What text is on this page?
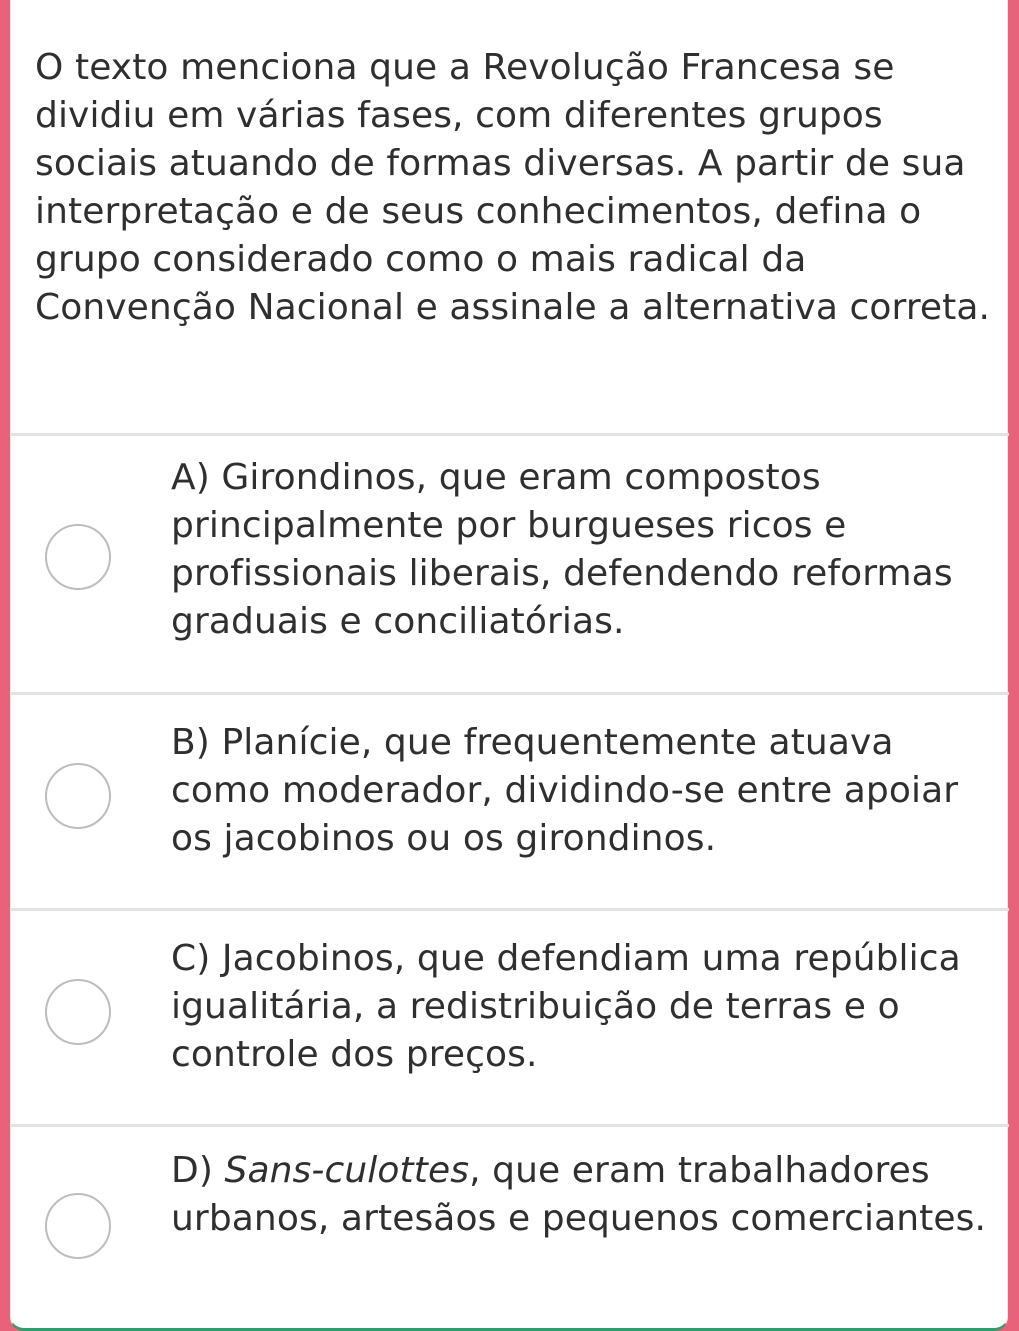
O texto menciona que a Revolução Francesa se dividiu em várias fases, com diferentes grupos sociais atuando de formas diversas. A partir de sua interpretação e de seus conhecimentos, defina o grupo considerado como o mais radical da Convenção Nacional e assinale a alternativa correta.
A) Girondinos, que eram compostos principalmente por burgueses ricos e profissionais liberais, defendendo reformas graduais e conciliatórias.
B) Planície, que frequentemente atuava como moderador, dividindo-se entre apoiar os jacobinos ou os girondinos.
C) Jacobinos, que defendiam uma república igualitária, a redistribuição de terras e o controle dos preços.
D) Sans-culottes, que eram trabalhadores urbanos, artesãos e pequenos comerciantes.
